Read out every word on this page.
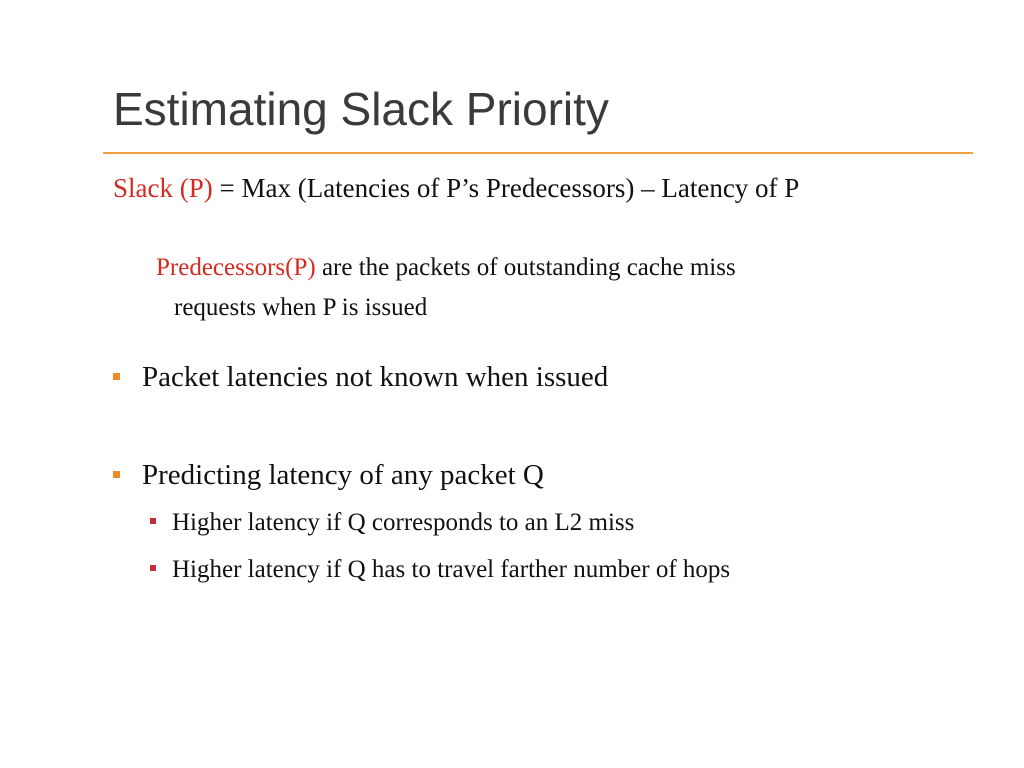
Estimating Slack Priority
Slack (P) = Max (Latencies of P’s Predecessors) – Latency of P
Predecessors(P) are the packets of outstanding cache miss
requests when P is issued
Packet latencies not known when issued
Predicting latency of any packet Q
Higher latency if Q corresponds to an L2 miss
Higher latency if Q has to travel farther number of hops
